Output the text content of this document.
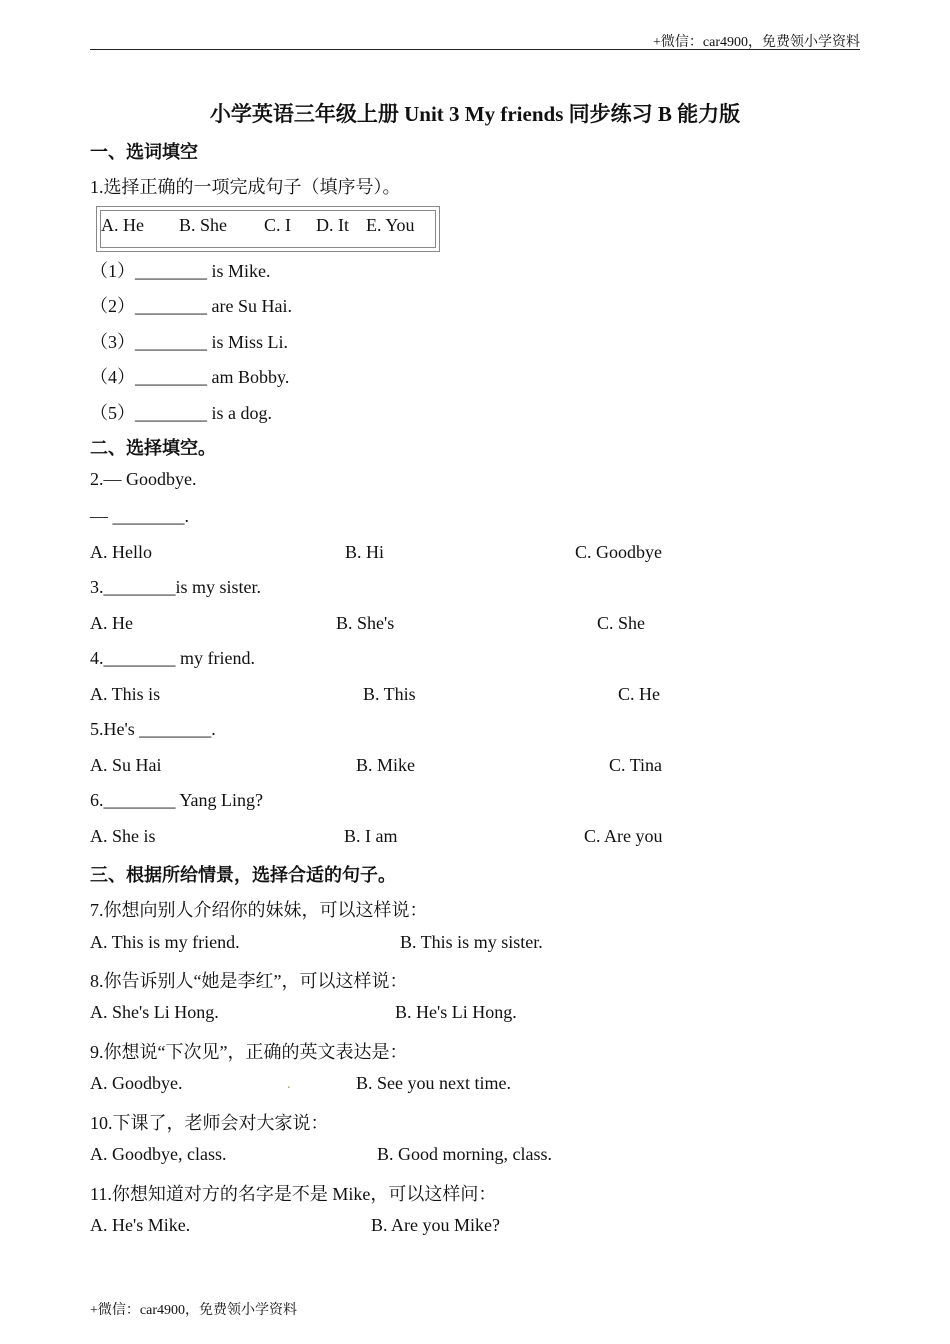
+微信：car4900，免费领小学资料
小学英语三年级上册 Unit 3 My friends 同步练习 B 能力版
一、选词填空
1.选择正确的一项完成句子（填序号）。
A. He B. She C. I D. It E. You
（1）________ is Mike.
（2）________ are Su Hai.
（3）________ is Miss Li.
（4）________ am Bobby.
（5）________ is a dog.
二、选择填空。
2.— Goodbye.
— ________.
A. Hello	B. Hi	C. Goodbye
3.________is my sister.
A. He	B. She's	C. She
4.________ my friend.
A. This is	B. This	C. He
5.He's ________.
A. Su Hai	B. Mike	C. Tina
6.________ Yang Ling?
A. She is	B. I am	C. Are you
三、根据所给情景，选择合适的句子。
7.你想向别人介绍你的妹妹，可以这样说：
A. This is my friend.	B. This is my sister.
8.你告诉别人“她是李红”，可以这样说：
A. She's Li Hong.	B. He's Li Hong.
9.你想说“下次见”，正确的英文表达是：
A. Goodbye.	.	B. See you next time.
10.下课了，老师会对大家说：
A. Goodbye, class.	B. Good morning, class.
11.你想知道对方的名字是不是 Mike，可以这样问：
A. He's Mike.	B. Are you Mike?
+微信：car4900，免费领小学资料
